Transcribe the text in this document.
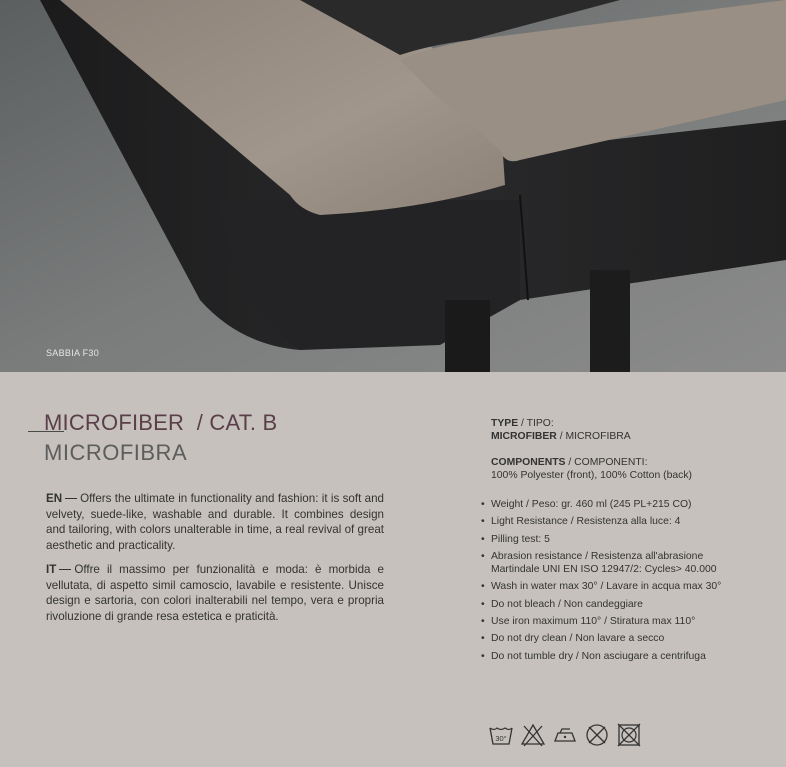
SABBIA F30
MICROFIBER  / CAT. B
MICROFIBRA
EN Offers the ultimate in functionality and fashion: it is soft and velvety, suede-like, washable and durable. It combines design and tailoring, with colors unalterable in time, a real revival of great aesthetic and practicality.
IT Offre il massimo per funzionalità e moda: è morbida e vellutata, di aspetto simil camoscio, lavabile e resistente. Unisce design e sartoria, con colori inalterabili nel tempo, vera e propria rivoluzione di grande resa estetica e praticità.
TYPE / TIPO:
MICROFIBER / MICROFIBRA
COMPONENTS / COMPONENTI:
100% Polyester (front), 100% Cotton (back)
• Weight / Peso: gr. 460 ml (245 PL+215 CO)
• Light Resistance / Resistenza alla luce: 4
• Pilling test: 5
• Abrasion resistance / Resistenza all'abrasione Martindale UNI EN ISO 12947/2: Cycles> 40.000
• Wash in water max 30° / Lavare in acqua max 30°
• Do not bleach / Non candeggiare
• Use iron maximum 110° / Stiratura max 110°
• Do not dry clean / Non lavare a secco
• Do not tumble dry / Non asciugare a centrifuga
30°
